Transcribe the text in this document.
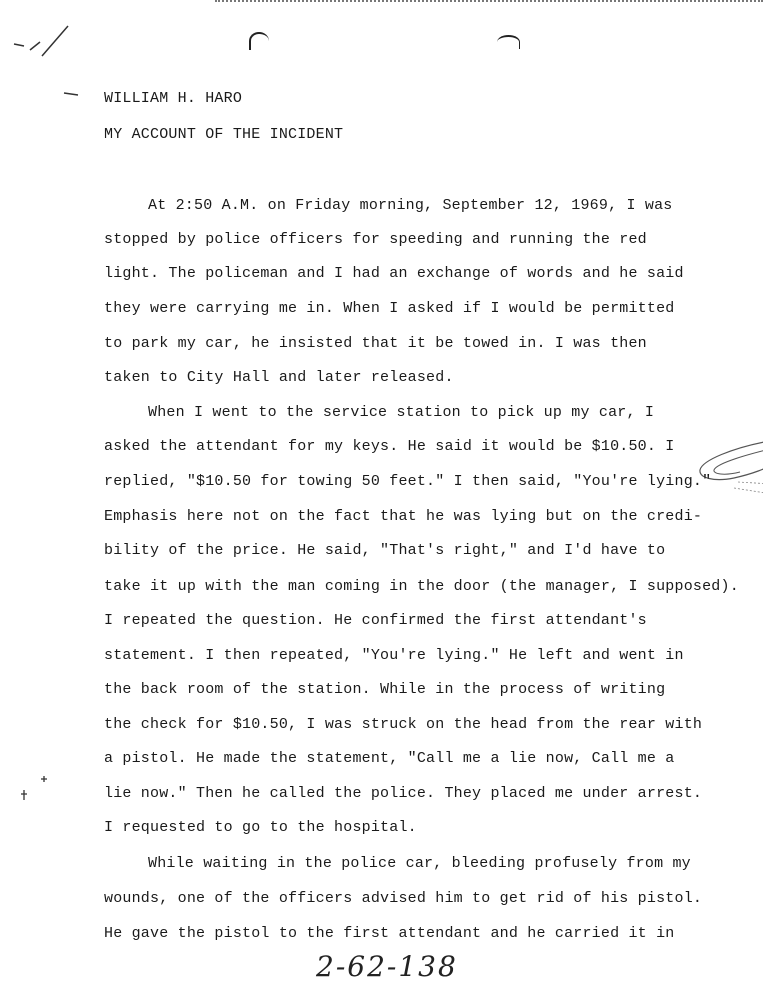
WILLIAM H. HARO
MY ACCOUNT OF THE INCIDENT
At 2:50 A.M. on Friday morning, September 12, 1969, I was
stopped by police officers for speeding and running the red
light. The policeman and I had an exchange of words and he said
they were carrying me in. When I asked if I would be permitted
to park my car, he insisted that it be towed in. I was then
taken to City Hall and later released.
When I went to the service station to pick up my car, I
asked the attendant for my keys. He said it would be $10.50. I
replied, "$10.50 for towing 50 feet." I then said, "You're lying."
Emphasis here not on the fact that he was lying but on the credi-
bility of the price. He said, "That's right," and I'd have to
take it up with the man coming in the door (the manager, I supposed).
I repeated the question. He confirmed the first attendant's
statement. I then repeated, "You're lying." He left and went in
the back room of the station. While in the process of writing
the check for $10.50, I was struck on the head from the rear with
a pistol. He made the statement, "Call me a lie now, Call me a
lie now." Then he called the police. They placed me under arrest.
I requested to go to the hospital.
While waiting in the police car, bleeding profusely from my
wounds, one of the officers advised him to get rid of his pistol.
He gave the pistol to the first attendant and he carried it in
2-62-138
